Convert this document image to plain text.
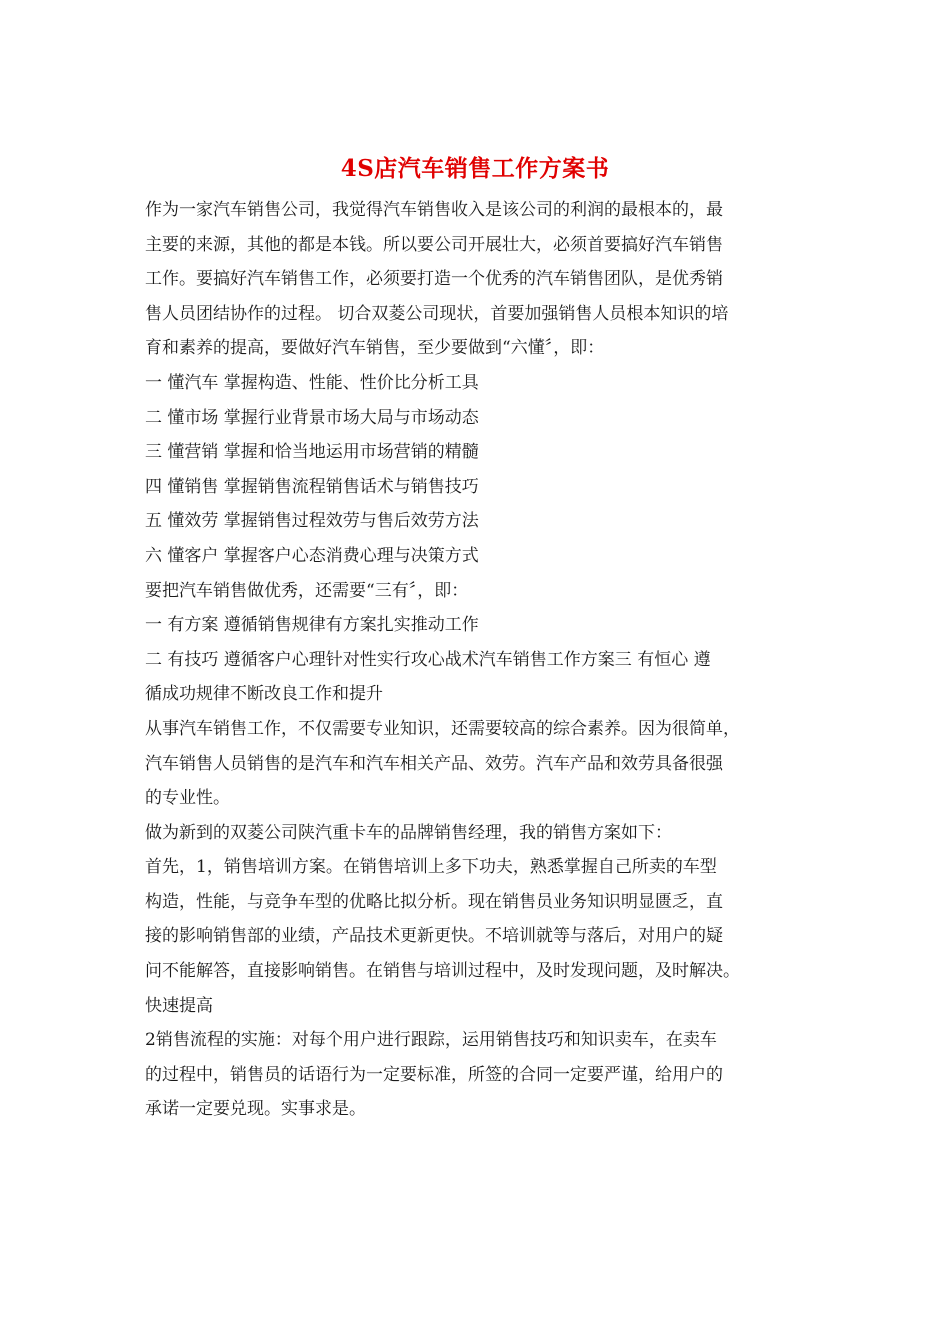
4S店汽车销售工作方案书
作为一家汽车销售公司，我觉得汽车销售收入是该公司的利润的最根本的，最
主要的来源，其他的都是本钱。所以要公司开展壮大，必须首要搞好汽车销售
工作。要搞好汽车销售工作，必须要打造一个优秀的汽车销售团队，是优秀销
售人员团结协作的过程。 切合双菱公司现状，首要加强销售人员根本知识的培
育和素养的提高，要做好汽车销售，至少要做到“六懂〞，即：
一 懂汽车 掌握构造、性能、性价比分析工具
二 懂市场 掌握行业背景市场大局与市场动态
三 懂营销 掌握和恰当地运用市场营销的精髓
四 懂销售 掌握销售流程销售话术与销售技巧
五 懂效劳 掌握销售过程效劳与售后效劳方法
六 懂客户 掌握客户心态消费心理与决策方式
要把汽车销售做优秀，还需要“三有〞，即：
一 有方案 遵循销售规律有方案扎实推动工作
二 有技巧 遵循客户心理针对性实行攻心战术汽车销售工作方案三 有恒心 遵
循成功规律不断改良工作和提升
从事汽车销售工作，不仅需要专业知识，还需要较高的综合素养。因为很简单，
汽车销售人员销售的是汽车和汽车相关产品、效劳。汽车产品和效劳具备很强
的专业性。
做为新到的双菱公司陕汽重卡车的品牌销售经理，我的销售方案如下：
首先，1，销售培训方案。在销售培训上多下功夫，熟悉掌握自己所卖的车型
构造，性能，与竞争车型的优略比拟分析。现在销售员业务知识明显匮乏，直
接的影响销售部的业绩，产品技术更新更快。不培训就等与落后，对用户的疑
问不能解答，直接影响销售。在销售与培训过程中，及时发现问题，及时解决。
快速提高
2销售流程的实施：对每个用户进行跟踪，运用销售技巧和知识卖车，在卖车
的过程中，销售员的话语行为一定要标准，所签的合同一定要严谨，给用户的
承诺一定要兑现。实事求是。
